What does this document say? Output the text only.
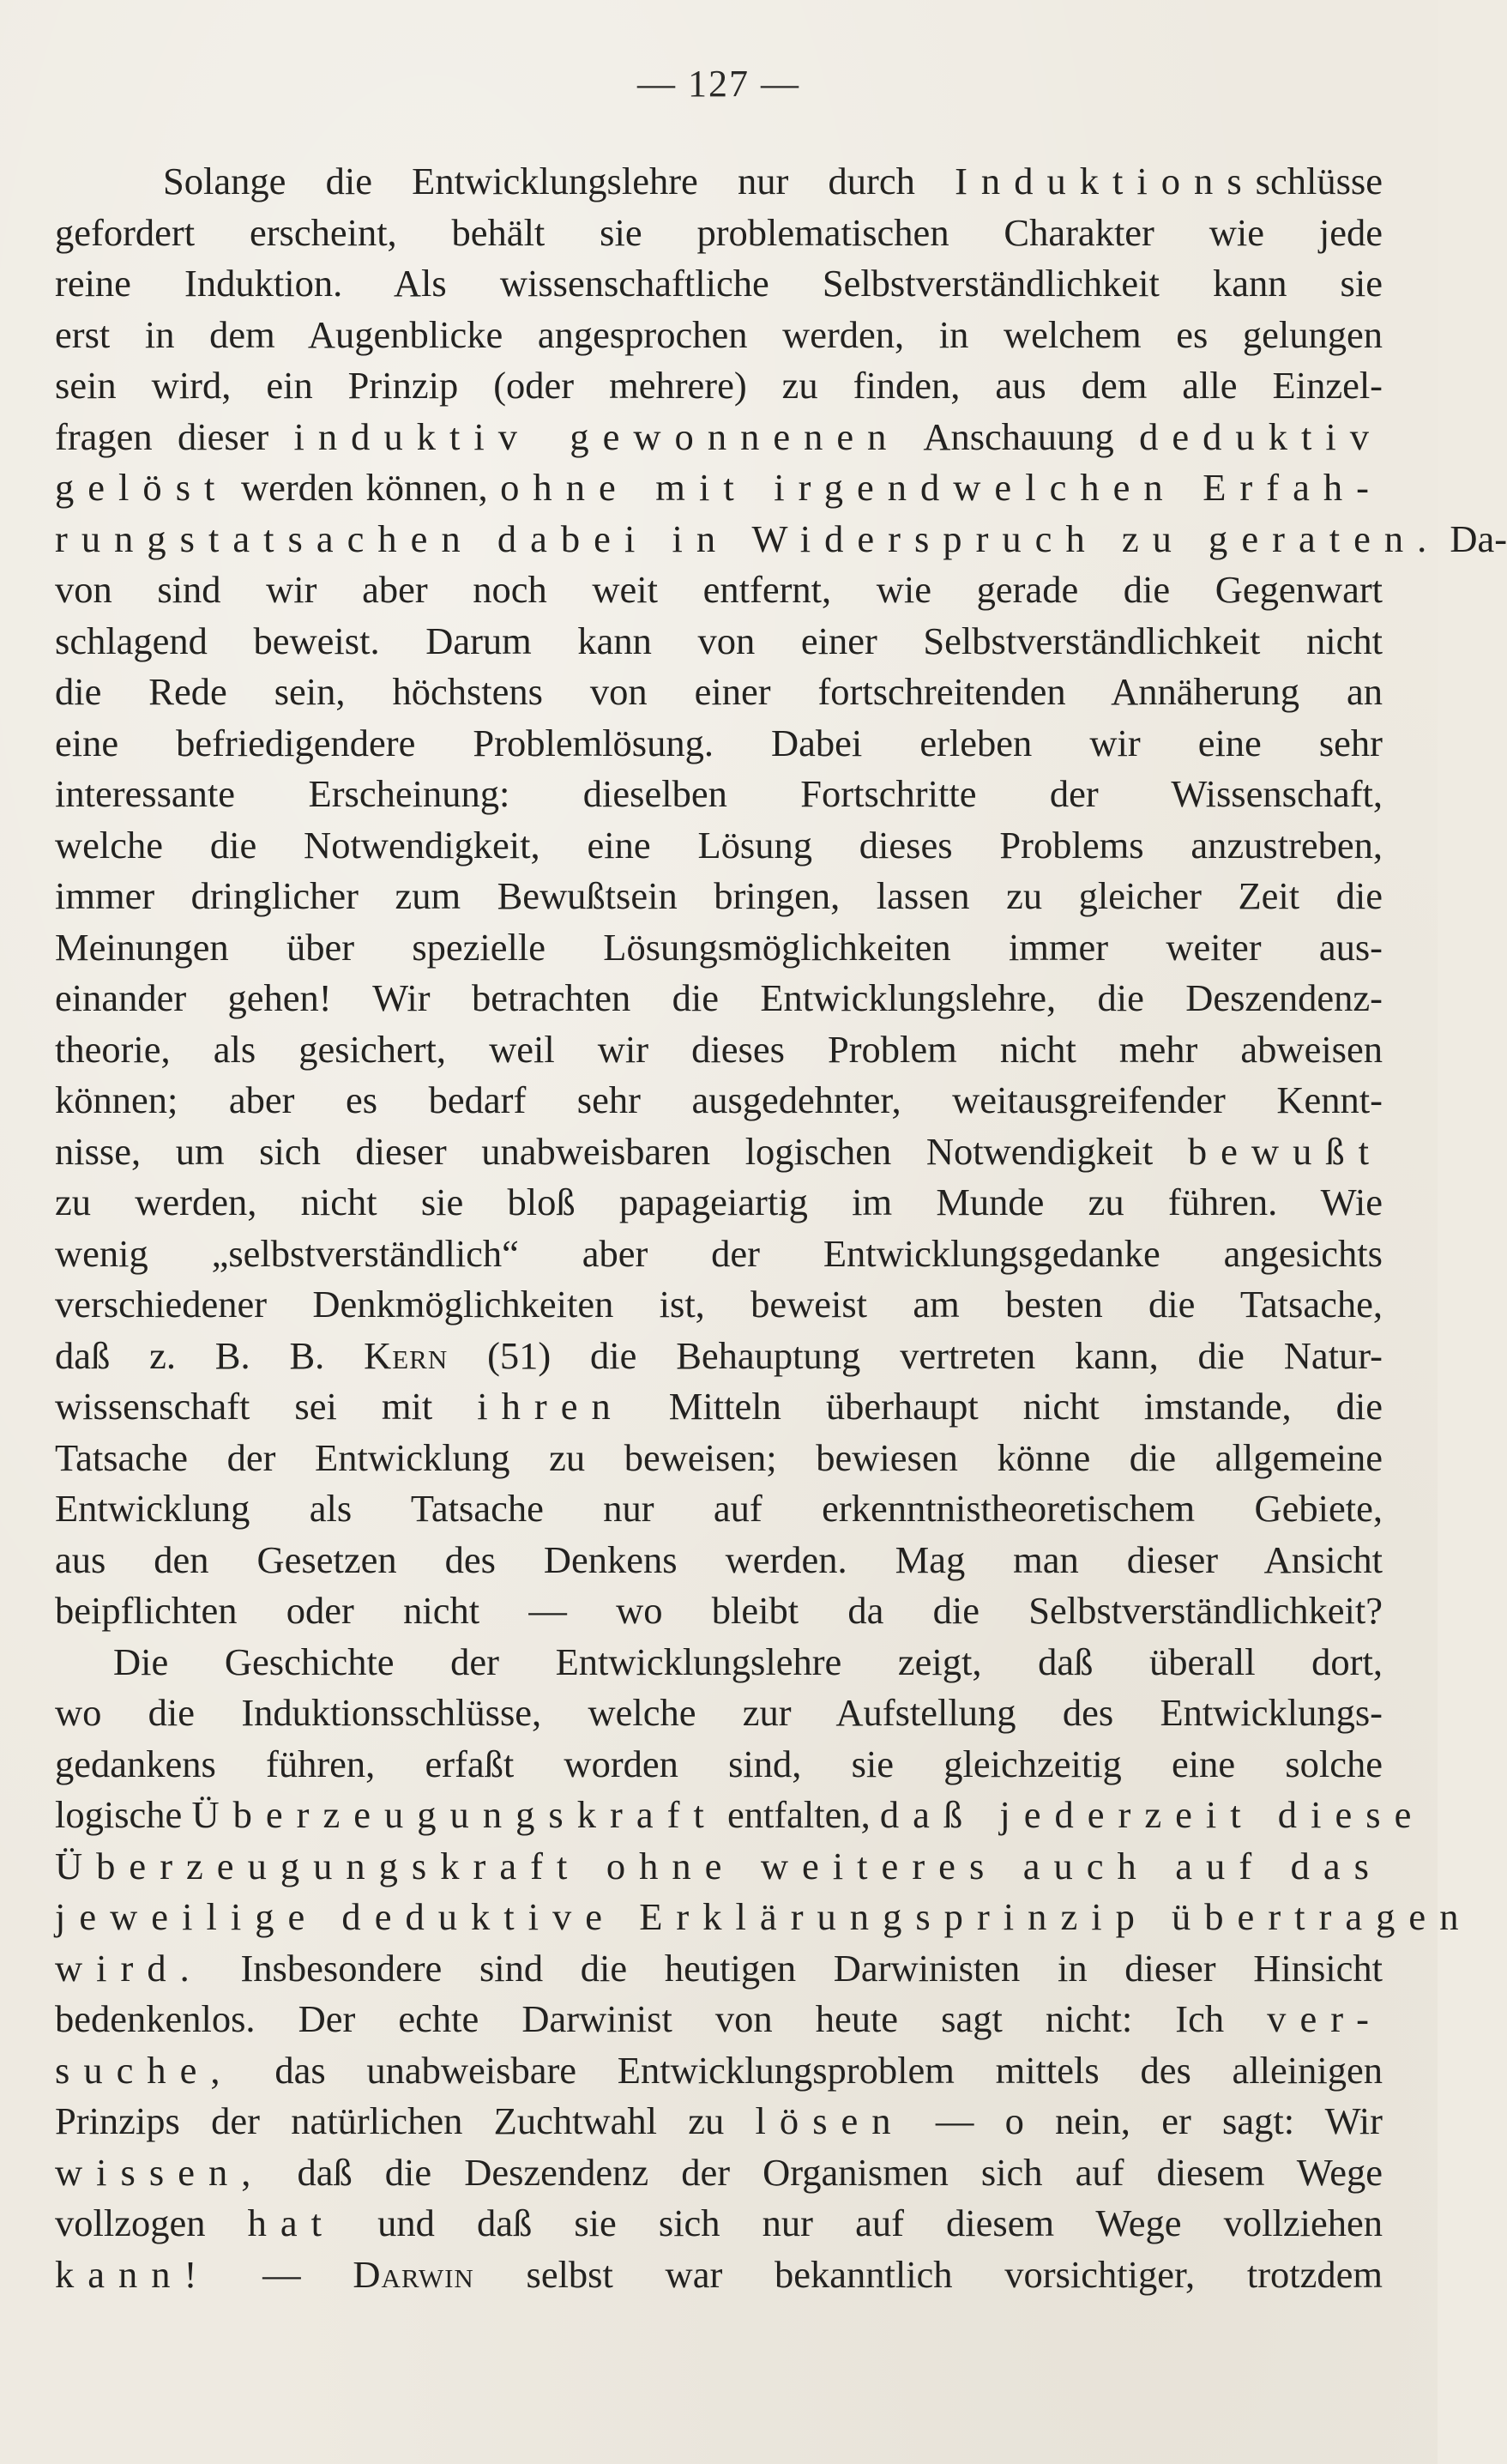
— 127 —
Solange die Entwicklungslehre nur durch Induktionsschlüsse
gefordert erscheint, behält sie problematischen Charakter wie jede
reine Induktion. Als wissenschaftliche Selbstverständlichkeit kann sie
erst in dem Augenblicke angesprochen werden, in welchem es gelungen
sein wird, ein Prinzip (oder mehrere) zu finden, aus dem alle Einzel-
fragen dieser induktiv gewonnenen Anschauung deduktiv
gelöst werden können, ohne mit irgendwelchen Erfah-
rungstatsachen dabei in Widerspruch zu geraten. Da-
von sind wir aber noch weit entfernt, wie gerade die Gegenwart
schlagend beweist. Darum kann von einer Selbstverständlichkeit nicht
die Rede sein, höchstens von einer fortschreitenden Annäherung an
eine befriedigendere Problemlösung. Dabei erleben wir eine sehr
interessante Erscheinung: dieselben Fortschritte der Wissenschaft,
welche die Notwendigkeit, eine Lösung dieses Problems anzustreben,
immer dringlicher zum Bewußtsein bringen, lassen zu gleicher Zeit die
Meinungen über spezielle Lösungsmöglichkeiten immer weiter aus-
einander gehen! Wir betrachten die Entwicklungslehre, die Deszendenz-
theorie, als gesichert, weil wir dieses Problem nicht mehr abweisen
können; aber es bedarf sehr ausgedehnter, weitausgreifender Kennt-
nisse, um sich dieser unabweisbaren logischen Notwendigkeit bewußt
zu werden, nicht sie bloß papageiartig im Munde zu führen. Wie
wenig „selbstverständlich“ aber der Entwicklungsgedanke angesichts
verschiedener Denkmöglichkeiten ist, beweist am besten die Tatsache,
daß z. B. B. Kern (51) die Behauptung vertreten kann, die Natur-
wissenschaft sei mit ihren Mitteln überhaupt nicht imstande, die
Tatsache der Entwicklung zu beweisen; bewiesen könne die allgemeine
Entwicklung als Tatsache nur auf erkenntnistheoretischem Gebiete,
aus den Gesetzen des Denkens werden. Mag man dieser Ansicht
beipflichten oder nicht — wo bleibt da die Selbstverständlichkeit?
Die Geschichte der Entwicklungslehre zeigt, daß überall dort,
wo die Induktionsschlüsse, welche zur Aufstellung des Entwicklungs-
gedankens führen, erfaßt worden sind, sie gleichzeitig eine solche
logische Überzeugungskraft entfalten, daß jederzeit diese
Überzeugungskraft ohne weiteres auch auf das
jeweilige deduktive Erklärungsprinzip übertragen
wird. Insbesondere sind die heutigen Darwinisten in dieser Hinsicht
bedenkenlos. Der echte Darwinist von heute sagt nicht: Ich ver-
suche, das unabweisbare Entwicklungsproblem mittels des alleinigen
Prinzips der natürlichen Zuchtwahl zu lösen — o nein, er sagt: Wir
wissen, daß die Deszendenz der Organismen sich auf diesem Wege
vollzogen hat und daß sie sich nur auf diesem Wege vollziehen
kann! — Darwin selbst war bekanntlich vorsichtiger, trotzdem
